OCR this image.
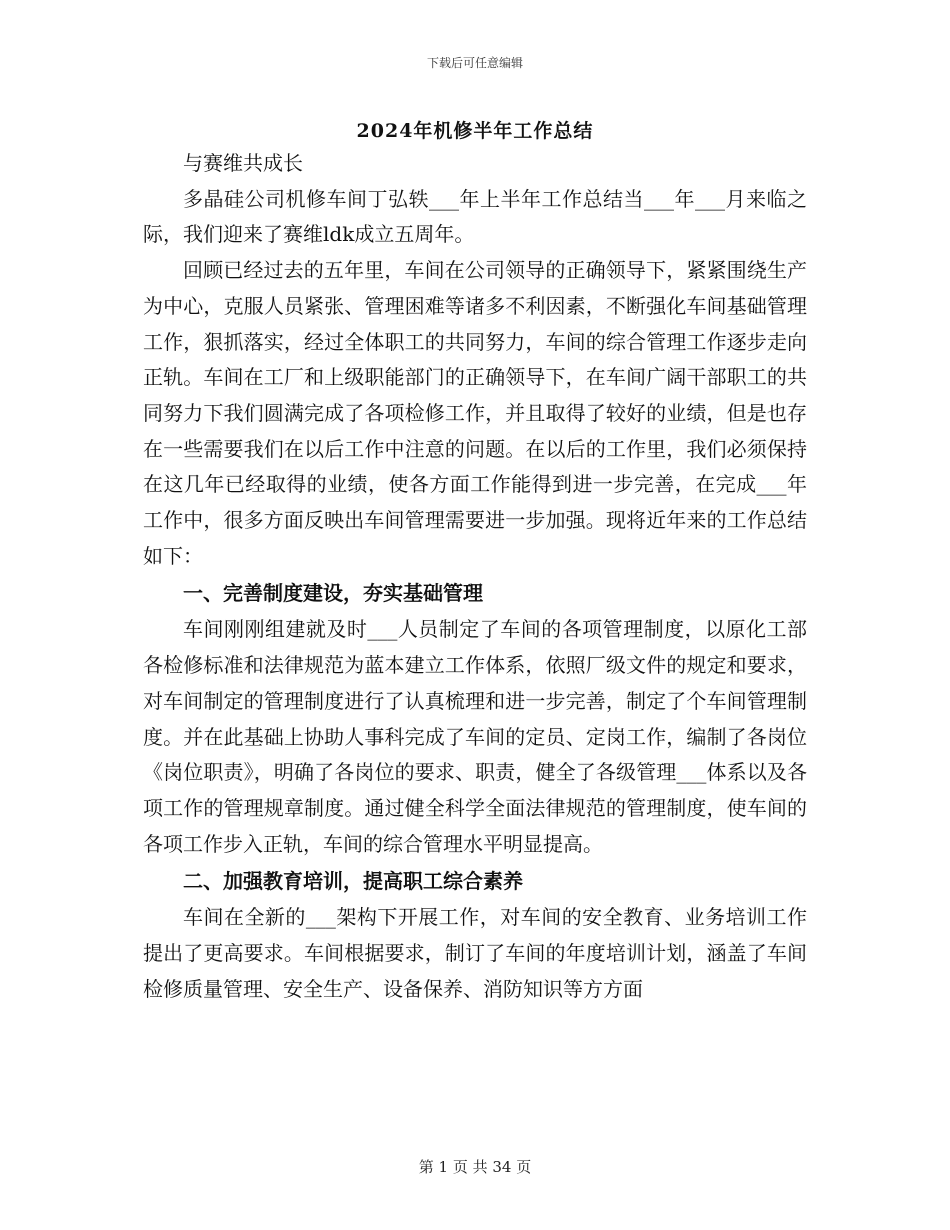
下载后可任意编辑
2024年机修半年工作总结

与赛维共成长

多晶硅公司机修车间丁弘轶___年上半年工作总结当___年___月来临之际，我们迎来了赛维ldk成立五周年。

回顾已经过去的五年里，车间在公司领导的正确领导下，紧紧围绕生产为中心，克服人员紧张、管理困难等诸多不利因素，不断强化车间基础管理工作，狠抓落实，经过全体职工的共同努力，车间的综合管理工作逐步走向正轨。车间在工厂和上级职能部门的正确领导下，在车间广阔干部职工的共同努力下我们圆满完成了各项检修工作，并且取得了较好的业绩，但是也存在一些需要我们在以后工作中注意的问题。在以后的工作里，我们必须保持在这几年已经取得的业绩，使各方面工作能得到进一步完善，在完成___年工作中，很多方面反映出车间管理需要进一步加强。现将近年来的工作总结如下：

一、完善制度建设，夯实基础管理

车间刚刚组建就及时___人员制定了车间的各项管理制度，以原化工部各检修标准和法律规范为蓝本建立工作体系，依照厂级文件的规定和要求，对车间制定的管理制度进行了认真梳理和进一步完善，制定了个车间管理制度。并在此基础上协助人事科完成了车间的定员、定岗工作，编制了各岗位《岗位职责》，明确了各岗位的要求、职责，健全了各级管理___体系以及各项工作的管理规章制度。通过健全科学全面法律规范的管理制度，使车间的各项工作步入正轨，车间的综合管理水平明显提高。

二、加强教育培训，提高职工综合素养

车间在全新的___架构下开展工作，对车间的安全教育、业务培训工作提出了更高要求。车间根据要求，制订了车间的年度培训计划，涵盖了车间检修质量管理、安全生产、设备保养、消防知识等方方面

第 1 页 共 34 页
